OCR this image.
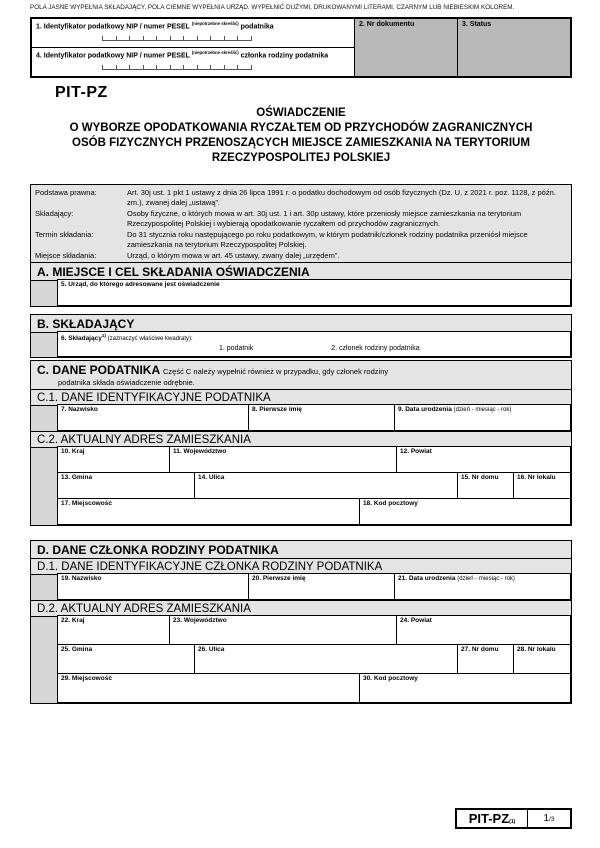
POLA JASNE WYPEŁNIA SKŁADAJĄCY, POLA CIEMNE WYPEŁNIA URZĄD. WYPEŁNIĆ DUŻYMI, DRUKOWANYMI LITERAMI, CZARNYM LUB NIEBIESKIM KOLOREM.
1. Identyfikator podatkowy NIP / numer PESEL $^{(niepotrzebne skreślić)}$ podatnika
4. Identyfikator podatkowy NIP / numer PESEL $^{(niepotrzebne skreślić)}$ członka rodziny podatnika
2. Nr dokumentu	3. Status
PIT-PZ
OŚWIADCZENIE
O WYBORZE OPODATKOWANIA RYCZAŁTEM OD PRZYCHODÓW ZAGRANICZNYCH
OSÓB FIZYCZNYCH PRZENOSZĄCYCH MIEJSCE ZAMIESZKANIA NA TERYTORIUM
RZECZYPOSPOLITEJ POLSKIEJ
Podstawa prawna:	Art. 30j ust. 1 pkt 1 ustawy z dnia 26 lipca 1991 r. o podatku dochodowym od osób fizycznych (Dz. U. z 2021 r. poz. 1128, z późn. zm.), zwanej dalej „ustawą”.
Składający:	Osoby fizyczne, o których mowa w art. 30j ust. 1 i art. 30p ustawy, które przeniosły miejsce zamieszkania na terytorium Rzeczypospolitej Polskiej i wybierają opodatkowanie ryczałtem od przychodów zagranicznych.
Termin składania:	Do 31 stycznia roku następującego po roku podatkowym, w którym podatnik/członek rodziny podatnika przeniósł miejsce zamieszkania na terytorium Rzeczypospolitej Polskiej.
Miejsce składania:	Urząd, o którym mowa w art. 45 ustawy, zwany dalej „urzędem”.
A. MIEJSCE I CEL SKŁADANIA OŚWIADCZENIA
5. Urząd, do którego adresowane jest oświadczenie
B. SKŁADAJĄCY
6. Składający$^{1)}$ (zaznaczyć właściwe kwadraty):
1. podatnik	2. członek rodziny podatnika
C. DANE PODATNIKA Część C należy wypełnić również w przypadku, gdy członek rodziny
podatnika składa oświadczenie odrębnie.
C.1. DANE IDENTYFIKACYJNE PODATNIKA
7. Nazwisko	8. Pierwsze imię	9. Data urodzenia (dzień - miesiąc - rok)
C.2. AKTUALNY ADRES ZAMIESZKANIA
10. Kraj	11. Województwo	12. Powiat
13. Gmina	14. Ulica	15. Nr domu	16. Nr lokalu
17. Miejscowość	18. Kod pocztowy
D. DANE CZŁONKA RODZINY PODATNIKA
D.1. DANE IDENTYFIKACYJNE CZŁONKA RODZINY PODATNIKA
19. Nazwisko	20. Pierwsze imię	21. Data urodzenia (dzień - miesiąc - rok)
D.2. AKTUALNY ADRES ZAMIESZKANIA
22. Kraj	23. Województwo	24. Powiat
25. Gmina	26. Ulica	27. Nr domu	28. Nr lokalu
29. Miejscowość	30. Kod pocztowy
PIT-PZ(1)	1/3
